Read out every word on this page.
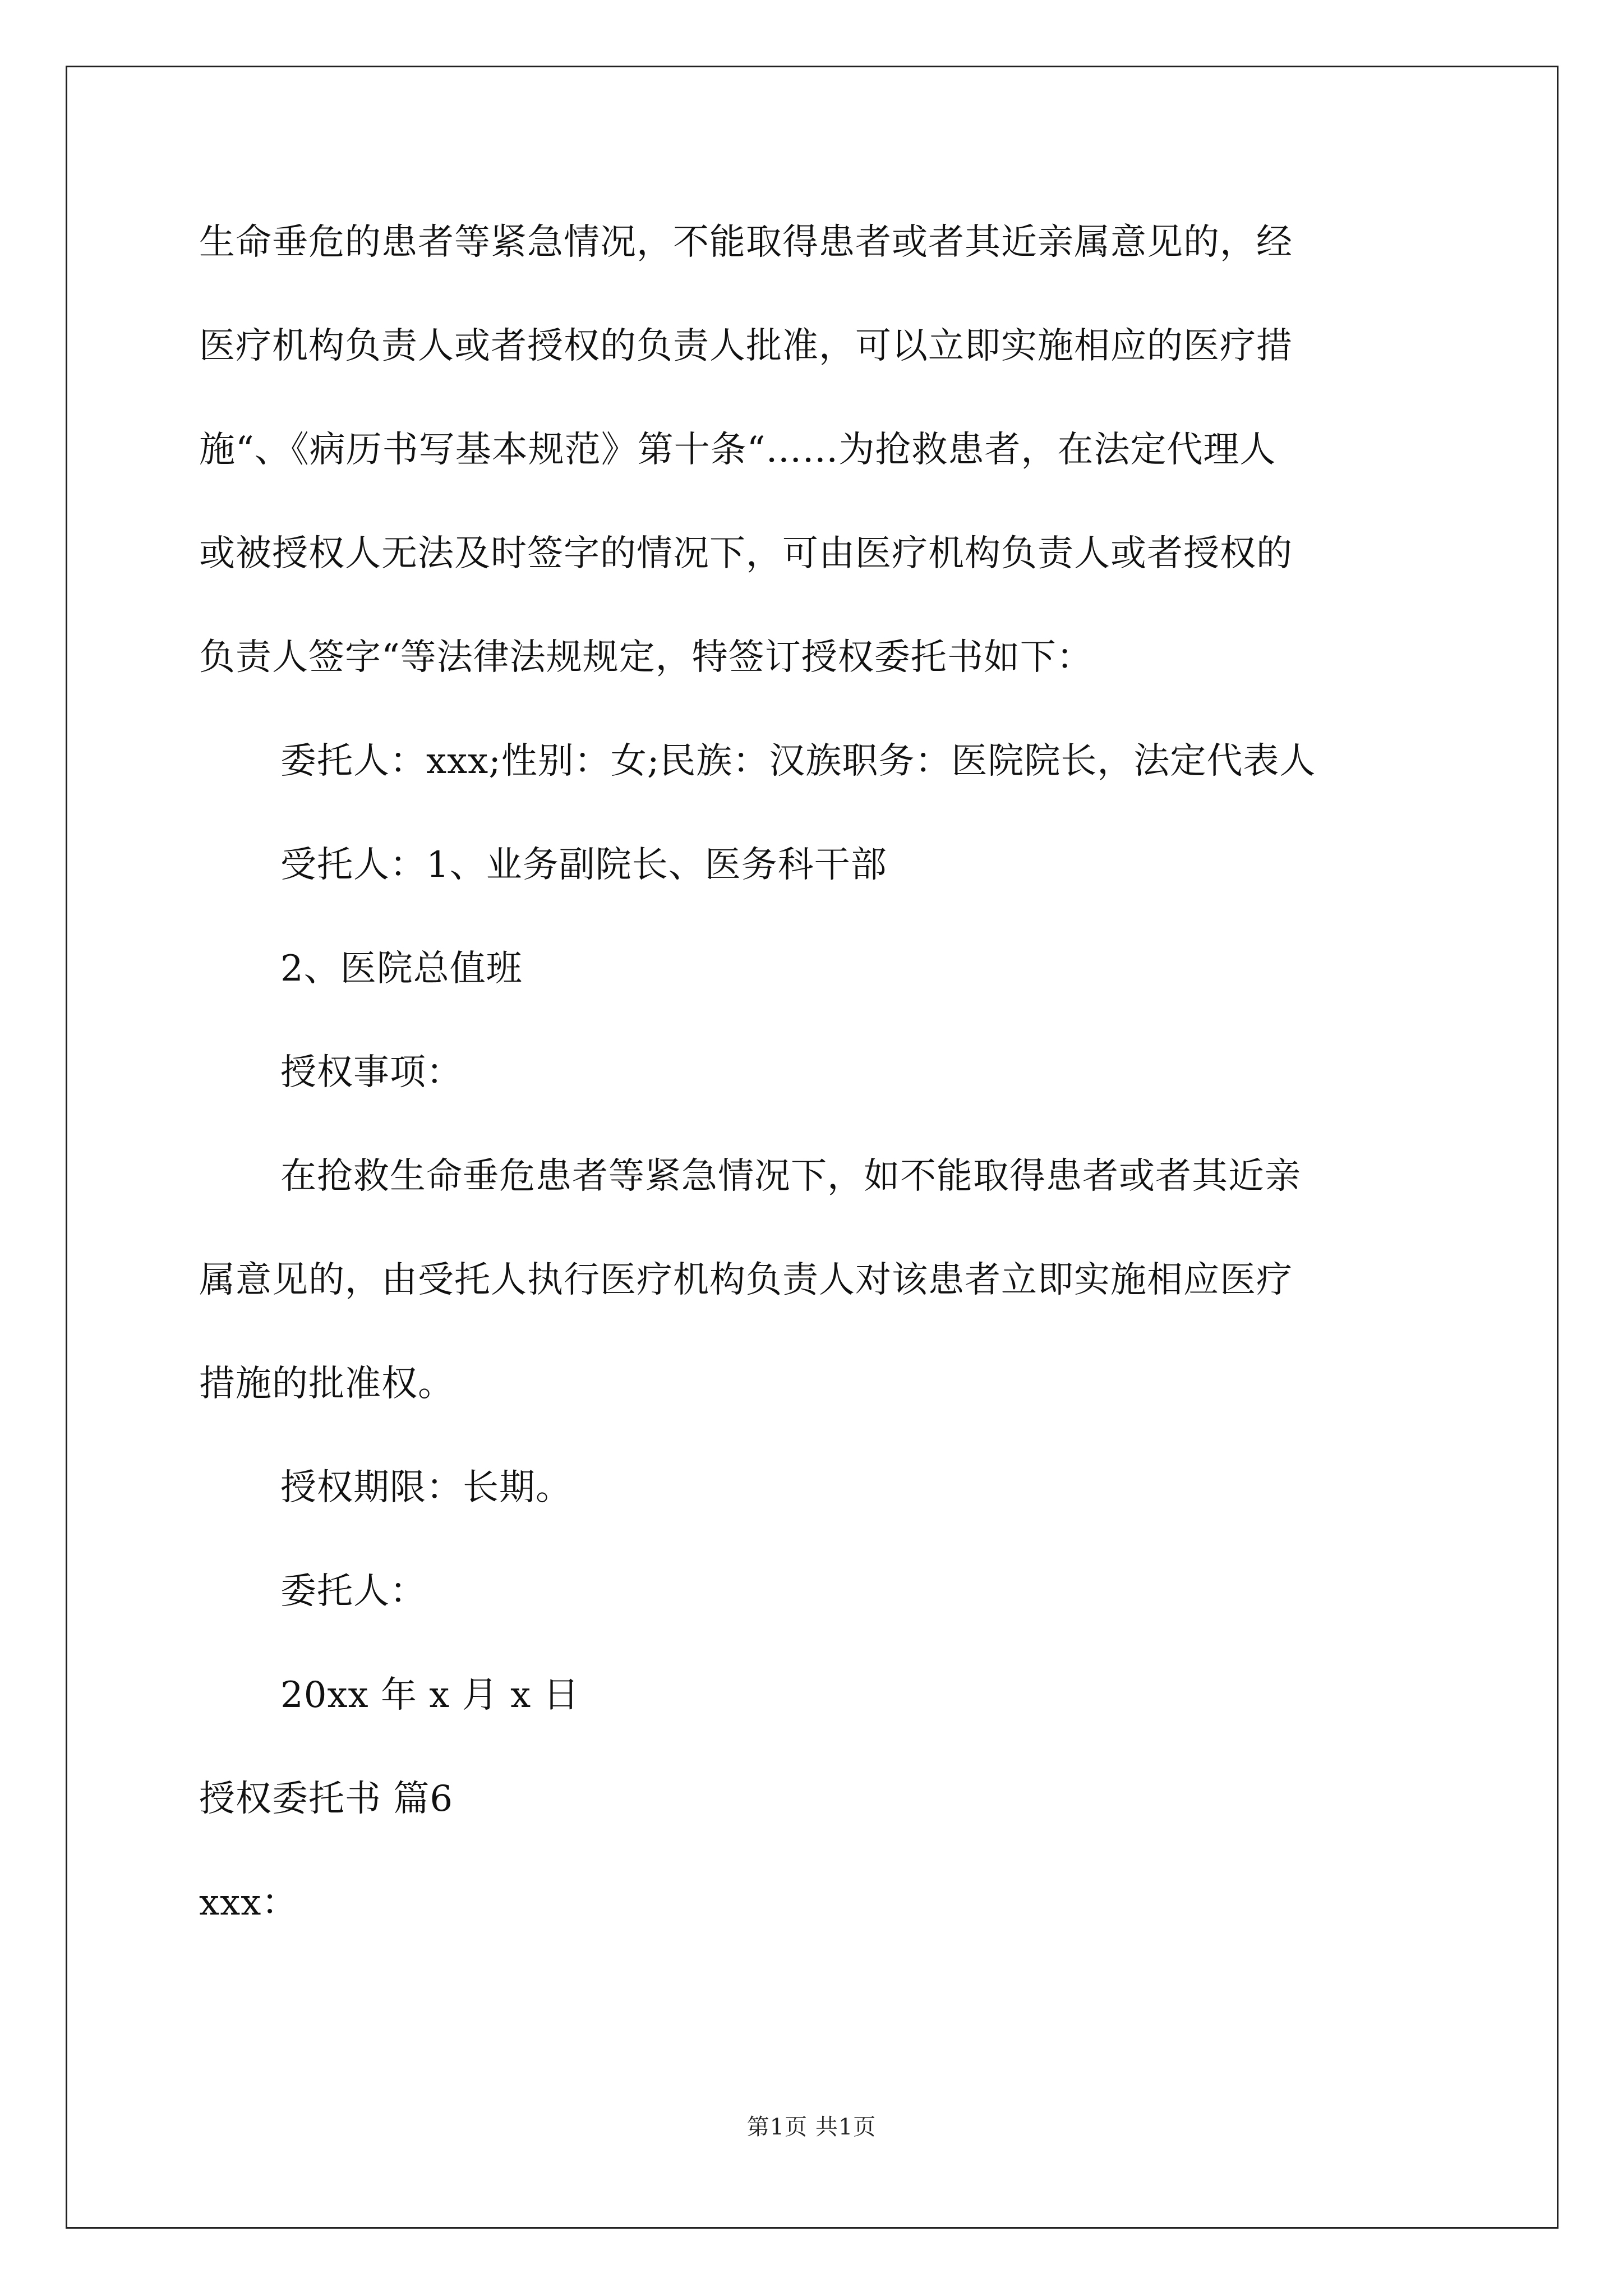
生命垂危的患者等紧急情况，不能取得患者或者其近亲属意见的，经
医疗机构负责人或者授权的负责人批准，可以立即实施相应的医疗措
施“、《病历书写基本规范》第十条“……为抢救患者，在法定代理人
或被授权人无法及时签字的情况下，可由医疗机构负责人或者授权的
负责人签字“等法律法规规定，特签订授权委托书如下：
委托人：xxx;性别：女;民族：汉族职务：医院院长，法定代表人
受托人：1、业务副院长、医务科干部
2、医院总值班
授权事项：
在抢救生命垂危患者等紧急情况下，如不能取得患者或者其近亲
属意见的，由受托人执行医疗机构负责人对该患者立即实施相应医疗
措施的批准权。
授权期限：长期。
委托人：
20xx 年 x 月 x 日
授权委托书 篇6
xxx：
第1页 共1页
